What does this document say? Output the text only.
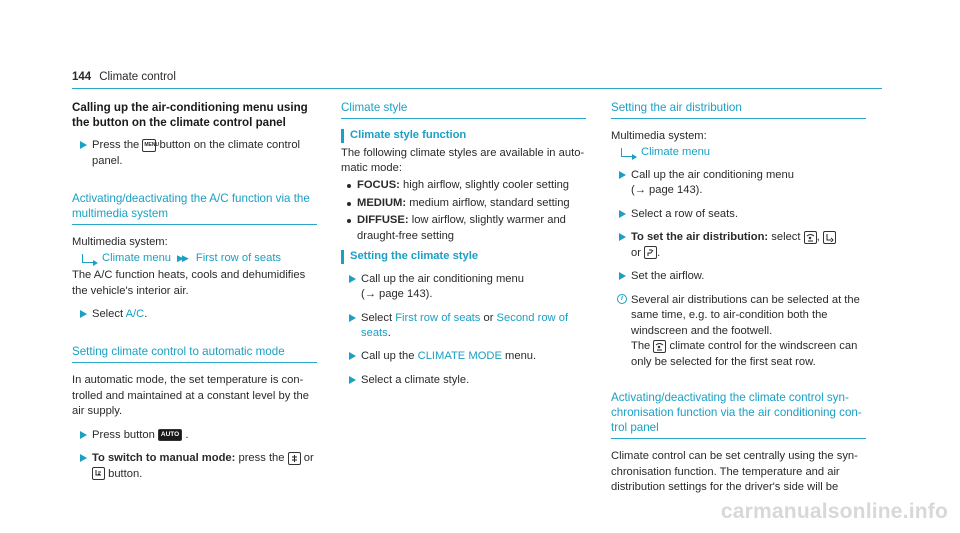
144 Climate control
Calling up the air-conditioning menu using the button on the climate control panel
Press the MENU button on the climate control panel.
Activating/deactivating the A/C function via the multimedia system
Multimedia system:
Climate menu ▶▶ First row of seats
The A/C function heats, cools and dehumidifies the vehicle's interior air.
Select A/C.
Setting climate control to automatic mode
In automatic mode, the set temperature is controlled and maintained at a constant level by the air supply.
Press button AUTO .
To switch to manual mode: press the or  button.
Climate style
Climate style function
The following climate styles are available in automatic mode:
FOCUS: high airflow, slightly cooler setting
MEDIUM: medium airflow, standard setting
DIFFUSE: low airflow, slightly warmer and draught-free setting
Setting the climate style
Call up the air conditioning menu
(→ page 143).
Select First row of seats or Second row of seats.
Call up the CLIMATE MODE menu.
Select a climate style.
Setting the air distribution
Multimedia system:
Climate menu
Call up the air conditioning menu
(→ page 143).
Select a row of seats.
To set the air distribution: select ,
or .
Set the airflow.
i Several air distributions can be selected at the same time, e.g. to air-condition both the windscreen and the footwell.
The climate control for the windscreen can only be selected for the first seat row.
Activating/deactivating the climate control synchronisation function via the air conditioning control panel
Climate control can be set centrally using the synchronisation function. The temperature and air distribution settings for the driver's side will be
carmanualsonline.info
